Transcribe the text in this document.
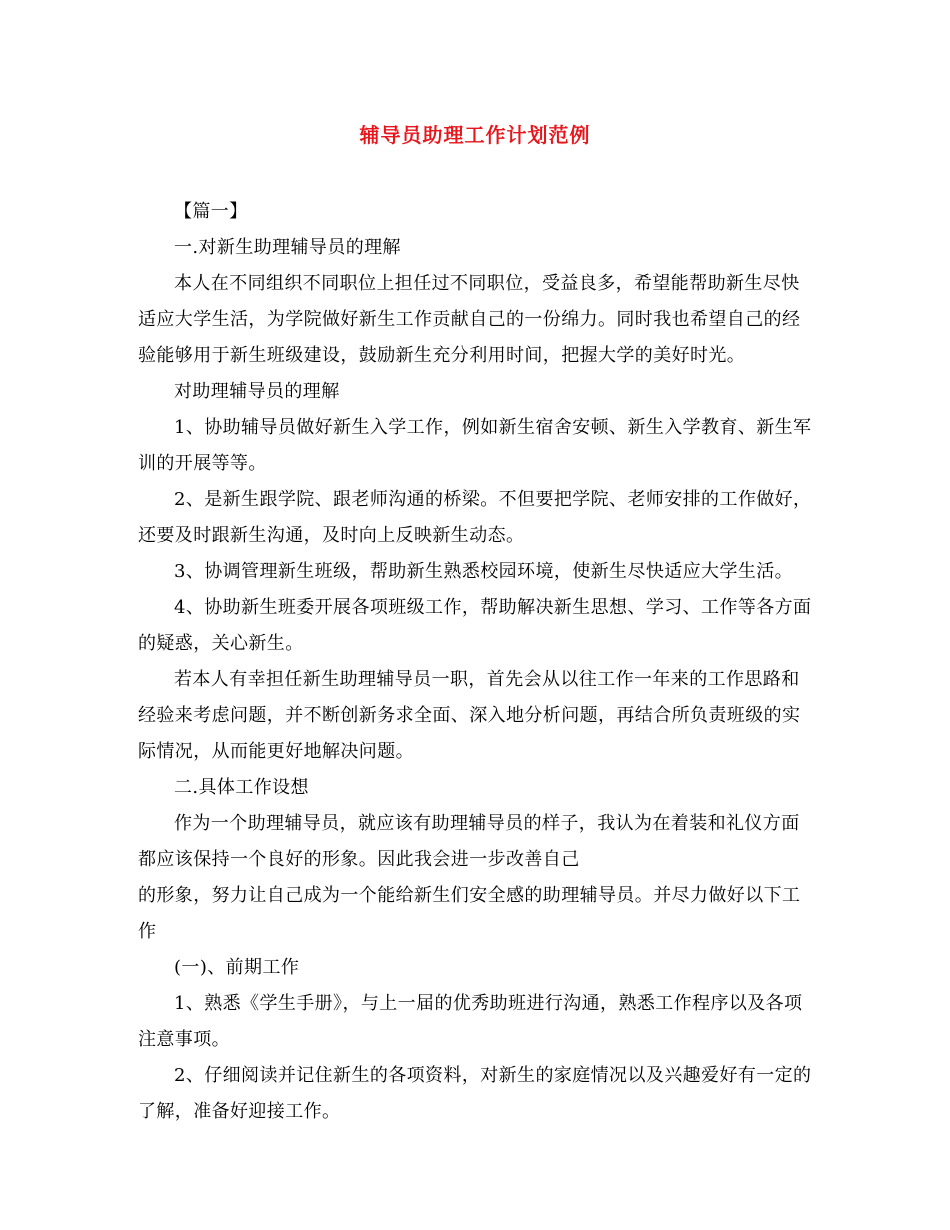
辅导员助理工作计划范例

【篇一】

一.对新生助理辅导员的理解

本人在不同组织不同职位上担任过不同职位，受益良多，希望能帮助新生尽快适应大学生活，为学院做好新生工作贡献自己的一份绵力。同时我也希望自己的经验能够用于新生班级建设，鼓励新生充分利用时间，把握大学的美好时光。

对助理辅导员的理解

1、协助辅导员做好新生入学工作，例如新生宿舍安顿、新生入学教育、新生军训的开展等等。

2、是新生跟学院、跟老师沟通的桥梁。不但要把学院、老师安排的工作做好，还要及时跟新生沟通，及时向上反映新生动态。

3、协调管理新生班级，帮助新生熟悉校园环境，使新生尽快适应大学生活。

4、协助新生班委开展各项班级工作，帮助解决新生思想、学习、工作等各方面的疑惑，关心新生。

若本人有幸担任新生助理辅导员一职，首先会从以往工作一年来的工作思路和经验来考虑问题，并不断创新务求全面、深入地分析问题，再结合所负责班级的实际情况，从而能更好地解决问题。

二.具体工作设想

作为一个助理辅导员，就应该有助理辅导员的样子，我认为在着装和礼仪方面都应该保持一个良好的形象。因此我会进一步改善自己

的形象，努力让自己成为一个能给新生们安全感的助理辅导员。并尽力做好以下工作

(一)、前期工作

1、熟悉《学生手册》，与上一届的优秀助班进行沟通，熟悉工作程序以及各项注意事项。

2、仔细阅读并记住新生的各项资料，对新生的家庭情况以及兴趣爱好有一定的了解，准备好迎接工作。
